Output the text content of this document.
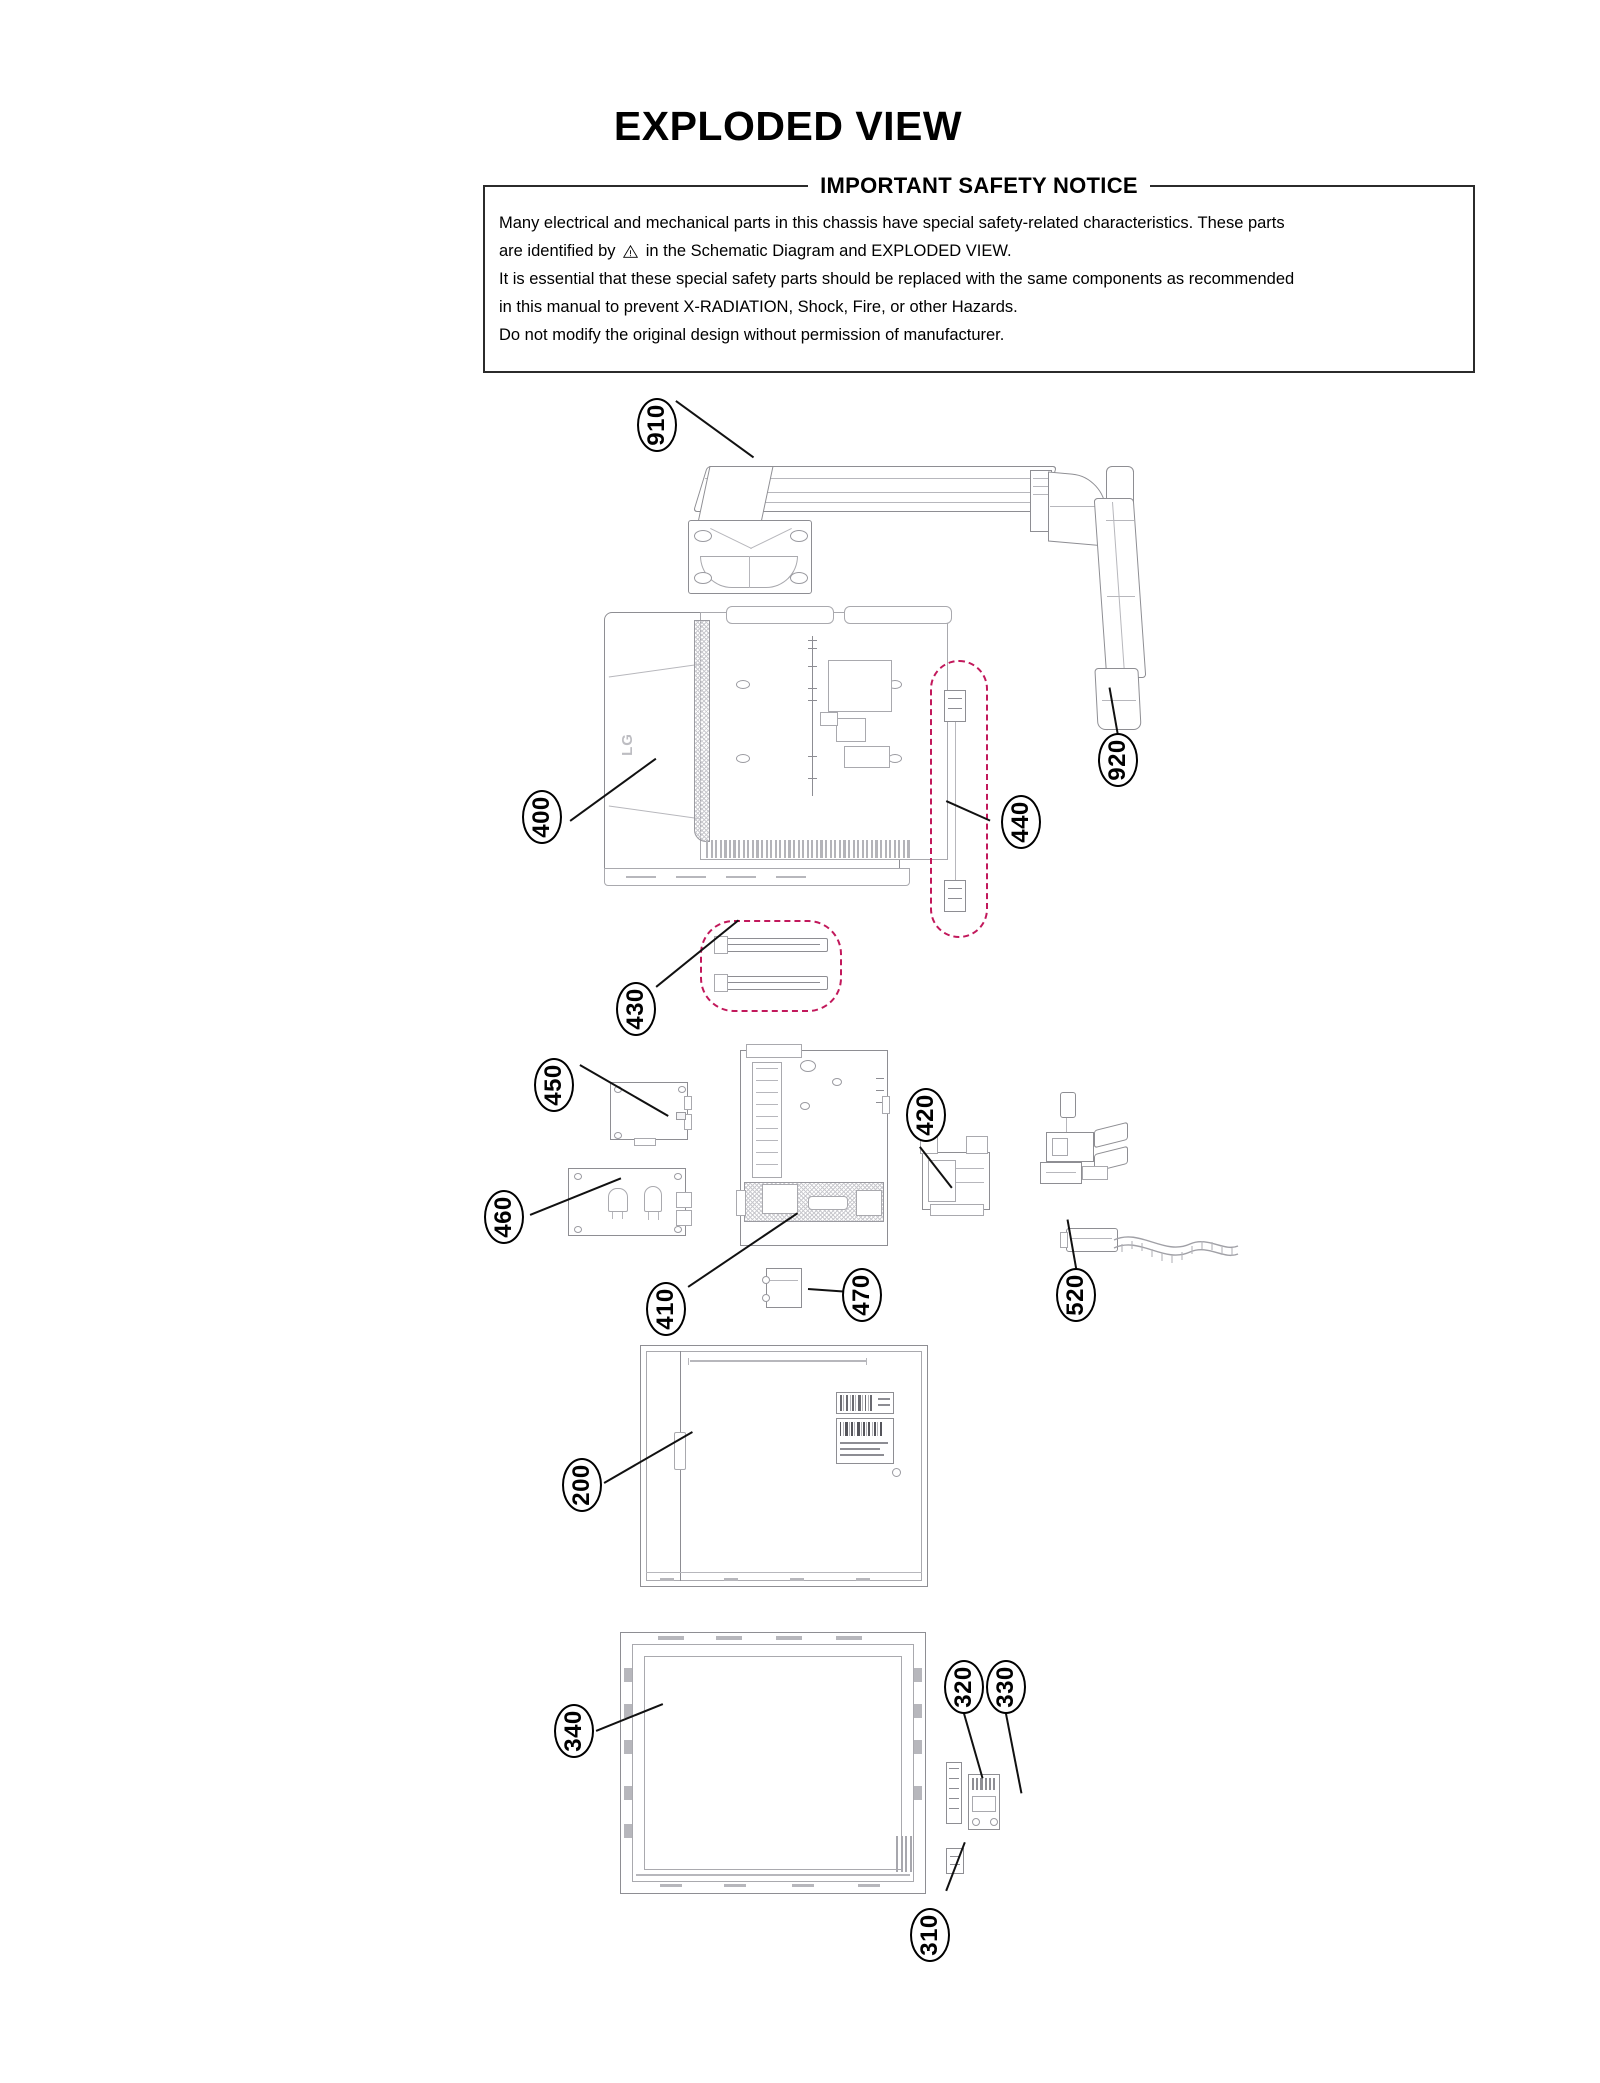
EXPLODED VIEW

Many electrical and mechanical parts in this chassis have special safety-related characteristics. These parts
are identified by in the Schematic Diagram and EXPLODED VIEW.

It is essential that these special safety parts should be replaced with the same components as recommended
in this manual to prevent X-RADIATION, Shock, Fire, or other Hazards.

Do not modify the original design without permission of manufacturer.

IMPORTANT SAFETY NOTICE
LG
910
920
400	440
430
450
460
410
420
470	520
200
340
320 330
310
